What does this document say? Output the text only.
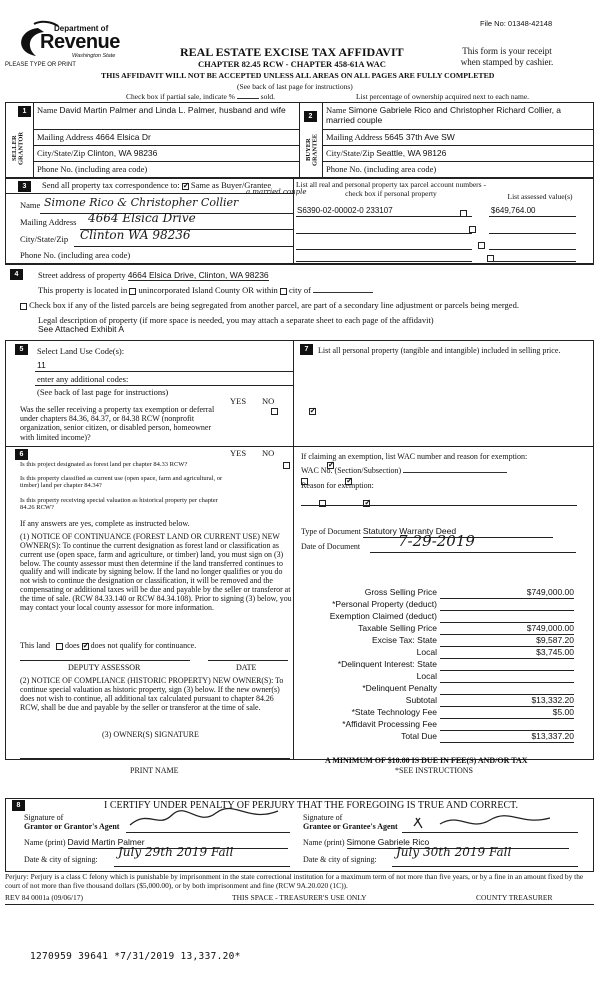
Department of
Revenue
Washington State
PLEASE TYPE OR PRINT
File No: 01348-42148
REAL ESTATE EXCISE TAX AFFIDAVIT
CHAPTER 82.45 RCW - CHAPTER 458-61A WAC
This form is your receipt when stamped by cashier.
THIS AFFIDAVIT WILL NOT BE ACCEPTED UNLESS ALL AREAS ON ALL PAGES ARE FULLY COMPLETED
(See back of last page for instructions)
Check box if partial sale, indicate %	sold.	List percentage of ownership acquired next to each name.
1
SELLER GRANTOR
Name David Martin Palmer and Linda L. Palmer, husband and wife
Mailing Address 4664 Elsica Dr
City/State/Zip Clinton, WA 98236
Phone No. (including area code)
2
BUYER GRANTEE
Name Simone Gabriele Rico and Christopher Richard Collier, a married couple
Mailing Address 5645 37th Ave SW
City/State/Zip Seattle, WA 98126
Phone No. (including area code)
3	Send all property tax correspondence to: ✓ Same as Buyer/Grantee
Name Simone Rico & Christopher Collier
a married couple
Mailing Address 4664 Elsica Drive
City/State/Zip Clinton WA 98236
Phone No. (including area code)
List all real and personal property tax parcel account numbers - check box if personal property	List assessed value(s)
S6390-02-00002-0 233107	$649,764.00

4	Street address of property 4664 Elsica Drive, Clinton, WA 98236
This property is located in unincorporated Island County OR within city of
Check box if any of the listed parcels are being segregated from another parcel, are part of a secondary line adjustment or parcels being merged.
Legal description of property (if more space is needed, you may attach a separate sheet to each page of the affidavit)
See Attached Exhibit A
5	Select Land Use Code(s):
11
enter any additional codes:
(See back of last page for instructions)
YES NO
Was the seller receiving a property tax exemption or deferral under chapters 84.36, 84.37, or 84.38 RCW (nonprofit organization, senior citizen, or disabled person, homeowner with limited income)?
✓
6	YES NO
Is this project designated as forest land per chapter 84.33 RCW?
✓
Is this property classified as current use (open space, farm and agricultural, or timber) land per chapter 84.34?
✓
Is this property receiving special valuation as historical property per chapter 84.26 RCW?
✓
If any answers are yes, complete as instructed below.
(1) NOTICE OF CONTINUANCE (FOREST LAND OR CURRENT USE) NEW OWNER(S): To continue the current designation as forest land or classification as current use (open space, farm and agriculture, or timber) land, you must sign on (3) below. The county assessor must then determine if the land transferred continues to qualify and will indicate by signing below. If the land no longer qualifies or you do not wish to continue the designation or classification, it will be removed and the compensating or additional taxes will be due and payable by the seller or transferor at the time of sale. (RCW 84.33.140 or RCW 84.34.108). Prior to signing (3) below, you may contact your local county assessor for more information.
This land does ✓ does not qualify for continuance.
DEPUTY ASSESSOR	DATE
(2) NOTICE OF COMPLIANCE (HISTORIC PROPERTY) NEW OWNER(S): To continue special valuation as historic property, sign (3) below. If the new owner(s) does not wish to continue, all additional tax calculated pursuant to chapter 84.26 RCW, shall be due and payable by the seller or transferor at the time of sale.
(3) OWNER(S) SIGNATURE
PRINT NAME
7	List all personal property (tangible and intangible) included in selling price.
If claiming an exemption, list WAC number and reason for exemption:
WAC No. (Section/Subsection)
Reason for exemption:
Type of Document Statutory Warranty Deed
Date of Document	7-29-2019
Gross Selling Price	$749,000.00
*Personal Property (deduct)
Exemption Claimed (deduct)
Taxable Selling Price	$749,000.00
Excise Tax: State	$9,587.20
Local	$3,745.00
*Delinquent Interest: State
Local
*Delinquent Penalty
Subtotal	$13,332.20
*State Technology Fee	$5.00
*Affidavit Processing Fee
Total Due	$13,337.20
A MINIMUM OF $10.00 IS DUE IN FEE(S) AND/OR TAX
*SEE INSTRUCTIONS
8	I CERTIFY UNDER PENALTY OF PERJURY THAT THE FOREGOING IS TRUE AND CORRECT.
Signature of
Grantor or Grantor's Agent
Name (print) David Martin Palmer
Date & city of signing:
July 29th 2019 Fall
Signature of
Grantee or Grantee's Agent
Name (print) Simone Gabriele Rico
Date & city of signing:
July 30th 2019 Fall
Perjury: Perjury is a class C felony which is punishable by imprisonment in the state correctional institution for a maximum term of not more than five years, or by a fine in an amount fixed by the court of not more than five thousand dollars ($5,000.00), or by both imprisonment and fine (RCW 9A.20.020 (1C)).
REV 84 0001a (09/06/17)	THIS SPACE - TREASURER'S USE ONLY	COUNTY TREASURER
1270959 39641 *7/31/2019 13,337.20*
